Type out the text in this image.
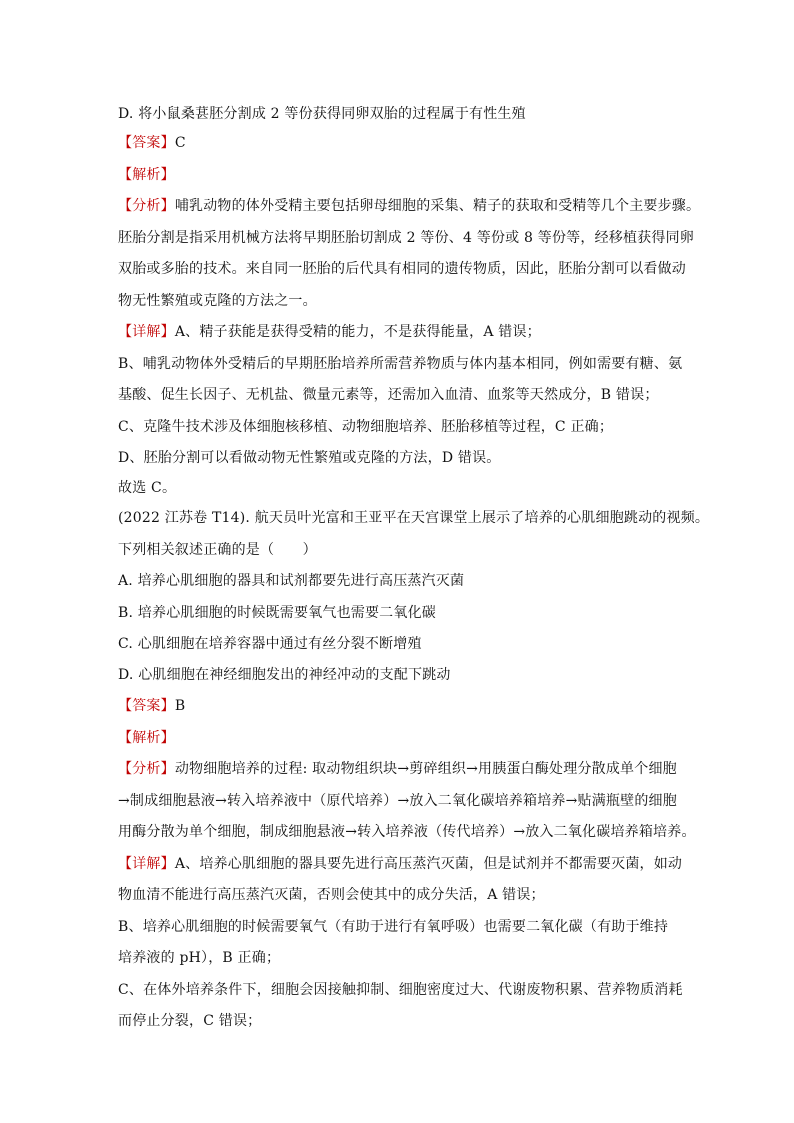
D. 将小鼠桑葚胚分割成 2 等份获得同卵双胎的过程属于有性生殖
【答案】C
【解析】
【分析】哺乳动物的体外受精主要包括卵母细胞的采集、精子的获取和受精等几个主要步骤。
胚胎分割是指采用机械方法将早期胚胎切割成 2 等份、4 等份或 8 等份等，经移植获得同卵
双胎或多胎的技术。来自同一胚胎的后代具有相同的遗传物质，因此，胚胎分割可以看做动
物无性繁殖或克隆的方法之一。
【详解】A、精子获能是获得受精的能力，不是获得能量，A 错误；
B、哺乳动物体外受精后的早期胚胎培养所需营养物质与体内基本相同，例如需要有糖、氨
基酸、促生长因子、无机盐、微量元素等，还需加入血清、血浆等天然成分，B 错误；
C、克隆牛技术涉及体细胞核移植、动物细胞培养、胚胎移植等过程，C 正确；
D、胚胎分割可以看做动物无性繁殖或克隆的方法，D 错误。
故选 C。
(2022 江苏卷 T14). 航天员叶光富和王亚平在天宫课堂上展示了培养的心肌细胞跳动的视频。
下列相关叙述正确的是（　　）
A. 培养心肌细胞的器具和试剂都要先进行高压蒸汽灭菌
B. 培养心肌细胞的时候既需要氧气也需要二氧化碳
C. 心肌细胞在培养容器中通过有丝分裂不断增殖
D. 心肌细胞在神经细胞发出的神经冲动的支配下跳动
【答案】B
【解析】
【分析】动物细胞培养的过程: 取动物组织块→剪碎组织→用胰蛋白酶处理分散成单个细胞
→制成细胞悬液→转入培养液中（原代培养）→放入二氧化碳培养箱培养→贴满瓶壁的细胞
用酶分散为单个细胞，制成细胞悬液→转入培养液（传代培养）→放入二氧化碳培养箱培养。
【详解】A、培养心肌细胞的器具要先进行高压蒸汽灭菌，但是试剂并不都需要灭菌，如动
物血清不能进行高压蒸汽灭菌，否则会使其中的成分失活，A 错误；
B、培养心肌细胞的时候需要氧气（有助于进行有氧呼吸）也需要二氧化碳（有助于维持
培养液的 pH），B 正确；
C、在体外培养条件下，细胞会因接触抑制、细胞密度过大、代谢废物积累、营养物质消耗
而停止分裂，C 错误；
